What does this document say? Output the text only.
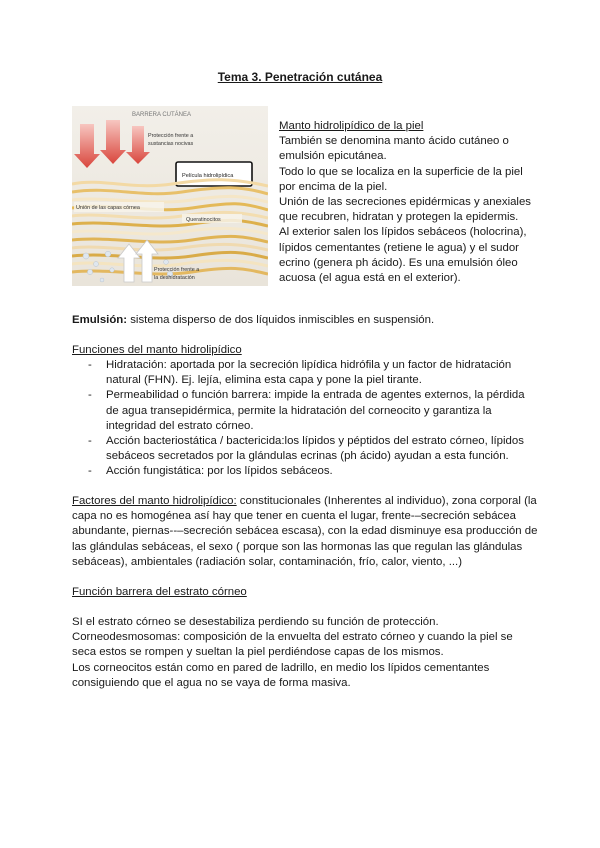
Tema 3. Penetración cutánea
BARRERA CUTÁNEA
Protección frente a
sustancias nocivas
Película hidrolipídica
Unión de las capas córnea
Queratinocitos
Protección frente a
la deshidratación
Manto hidrolipídico de la piel
También se denomina manto ácido cutáneo o
emulsión epicutánea.
Todo lo que se localiza en la superficie de la piel
por encima de la piel.
Unión de las secreciones epidérmicas y anexiales
que recubren, hidratan y protegen la epidermis.
Al exterior salen los lípidos sebáceos (holocrina),
lípidos cementantes (retiene le agua) y el sudor
ecrino (genera ph ácido). Es una emulsión óleo
acuosa (el agua está en el exterior).
Emulsión: sistema disperso de dos líquidos inmiscibles en suspensión.
Funciones del manto hidrolipídico
- Hidratación: aportada por la secreción lipídica hidrófila y un factor de hidratación
natural (FHN). Ej. lejía, elimina esta capa y pone la piel tirante.
- Permeabilidad o función barrera: impide la entrada de agentes externos, la pérdida
de agua transepidérmica, permite la hidratación del corneocito y garantiza la
integridad del estrato córneo.
- Acción bacteriostática / bactericida:los lípidos y péptidos del estrato córneo, lípidos
sebáceos secretados por la glándulas ecrinas (ph ácido) ayudan a esta función.
- Acción fungistática: por los lípidos sebáceos.
Factores del manto hidrolipídico: constitucionales (Inherentes al individuo), zona corporal (la
capa no es homogénea así hay que tener en cuenta el lugar, frente-–secreción sebácea
abundante, piernas--–secreción sebácea escasa), con la edad disminuye esa producción de
las glándulas sebáceas, el sexo ( porque son las hormonas las que regulan las glándulas
sebáceas), ambientales (radiación solar, contaminación, frío, calor, viento, ...)
Función barrera del estrato córneo
SI el estrato córneo se desestabiliza perdiendo su función de protección.
Corneodesmosomas: composición de la envuelta del estrato córneo y cuando la piel se
seca estos se rompen y sueltan la piel perdiéndose capas de los mismos.
Los corneocitos están como en pared de ladrillo, en medio los lípidos cementantes
consiguiendo que el agua no se vaya de forma masiva.
